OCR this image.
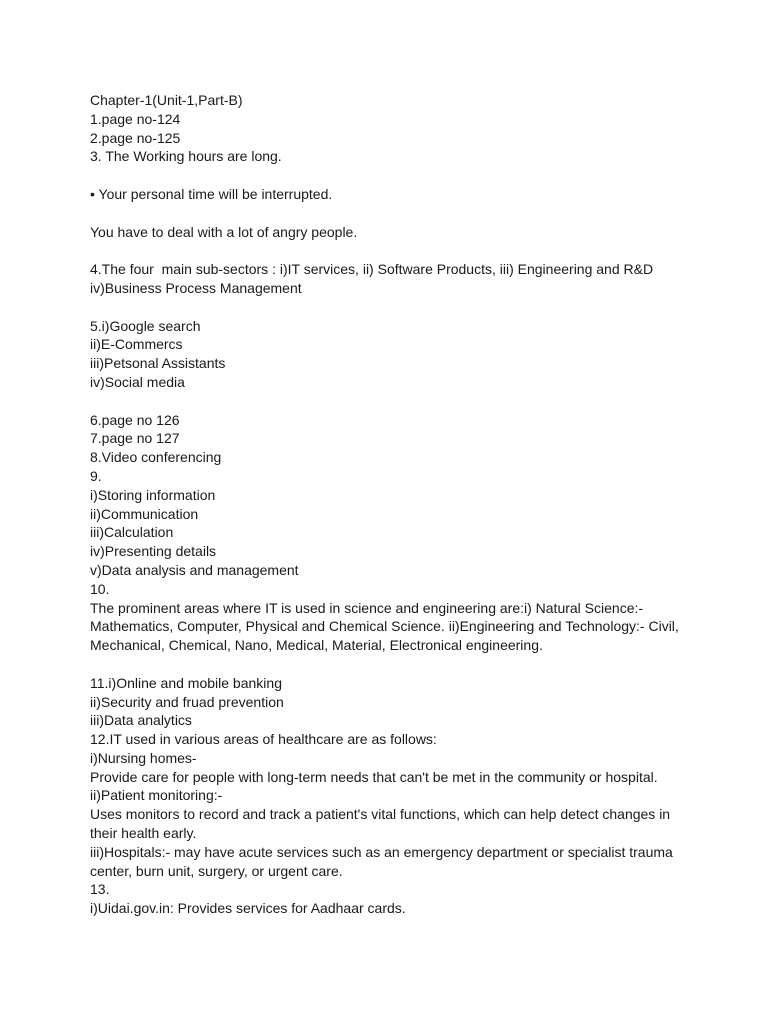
Chapter-1(Unit-1,Part-B)
1.page no-124
2.page no-125
3. The Working hours are long.
• Your personal time will be interrupted.
You have to deal with a lot of angry people.
4.The four  main sub-sectors : i)IT services, ii) Software Products, iii) Engineering and R&D
iv)Business Process Management
5.i)Google search
ii)E-Commercs
iii)Petsonal Assistants
iv)Social media
6.page no 126
7.page no 127
8.Video conferencing
9.
i)Storing information
ii)Communication
iii)Calculation
iv)Presenting details
v)Data analysis and management
10.
The prominent areas where IT is used in science and engineering are:i) Natural Science:-
Mathematics, Computer, Physical and Chemical Science. ii)Engineering and Technology:- Civil,
Mechanical, Chemical, Nano, Medical, Material, Electronical engineering.
11.i)Online and mobile banking
ii)Security and fruad prevention
iii)Data analytics
12.IT used in various areas of healthcare are as follows:
i)Nursing homes-
Provide care for people with long-term needs that can't be met in the community or hospital.
ii)Patient monitoring:-
Uses monitors to record and track a patient's vital functions, which can help detect changes in
their health early.
iii)Hospitals:- may have acute services such as an emergency department or specialist trauma
center, burn unit, surgery, or urgent care.
13.
i)Uidai.gov.in: Provides services for Aadhaar cards.
